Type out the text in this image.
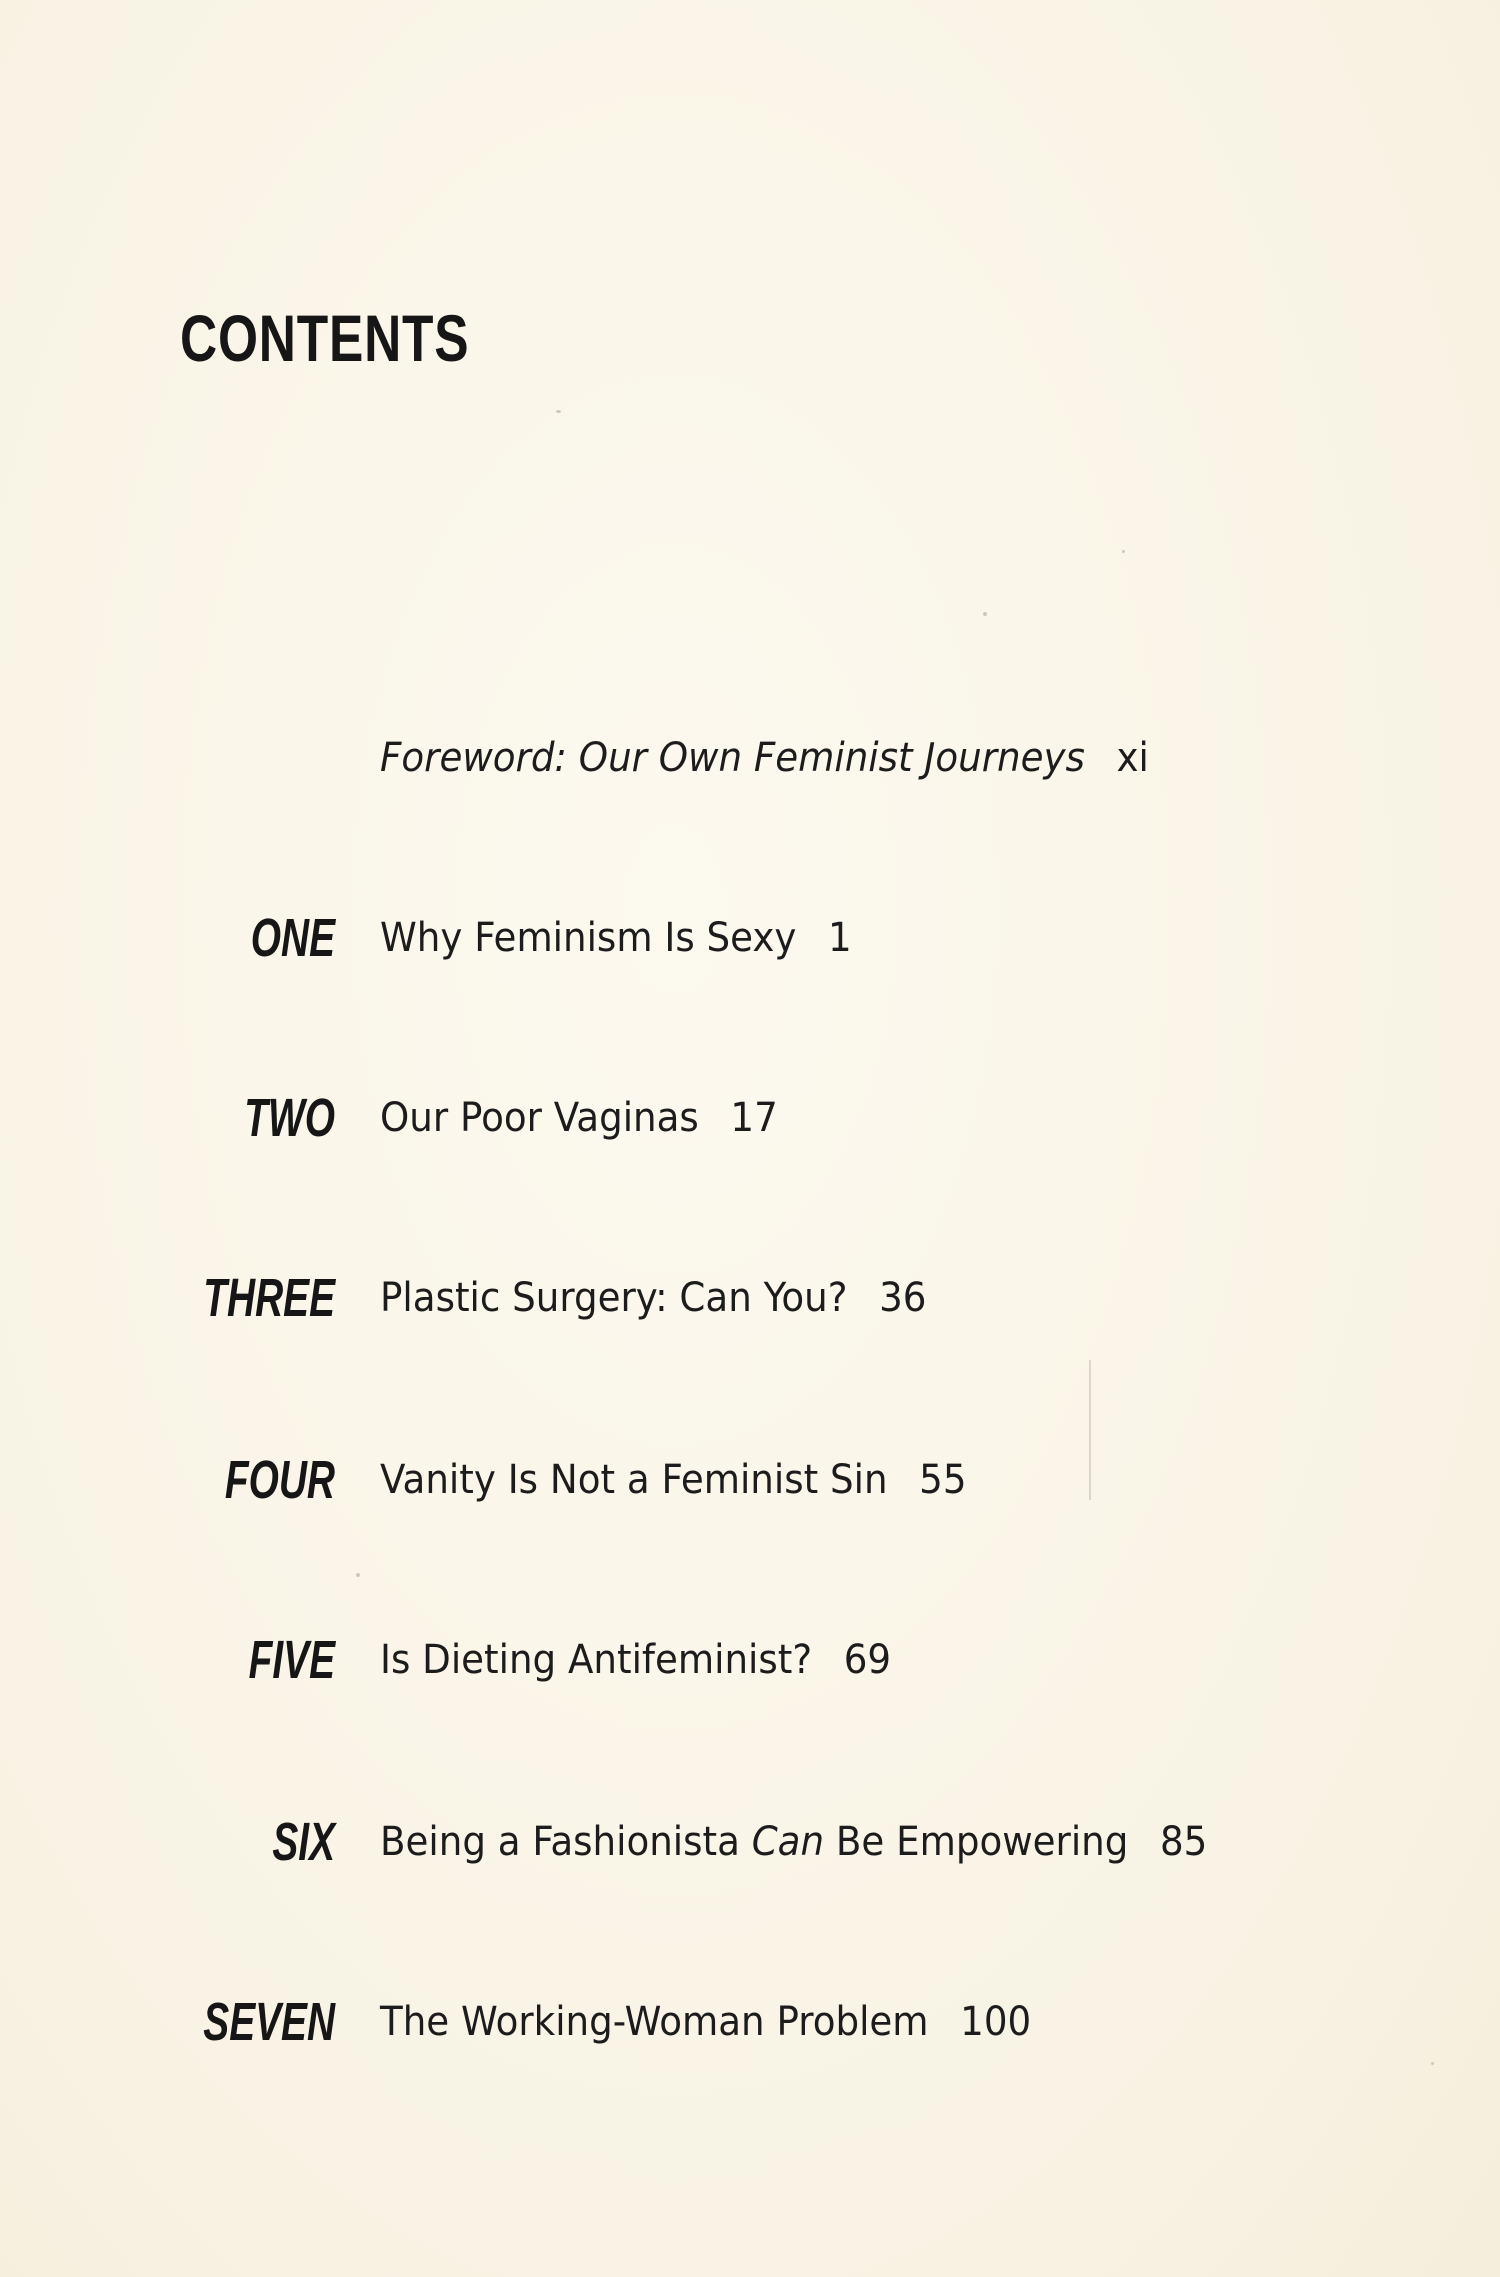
CONTENTS
Foreword: Our Own Feminist Journeys xi
ONE Why Feminism Is Sexy 1
TWO Our Poor Vaginas 17
THREE Plastic Surgery: Can You? 36
FOUR Vanity Is Not a Feminist Sin 55
FIVE Is Dieting Antifeminist? 69
SIX Being a Fashionista Can Be Empowering 85
SEVEN The Working-Woman Problem 100
